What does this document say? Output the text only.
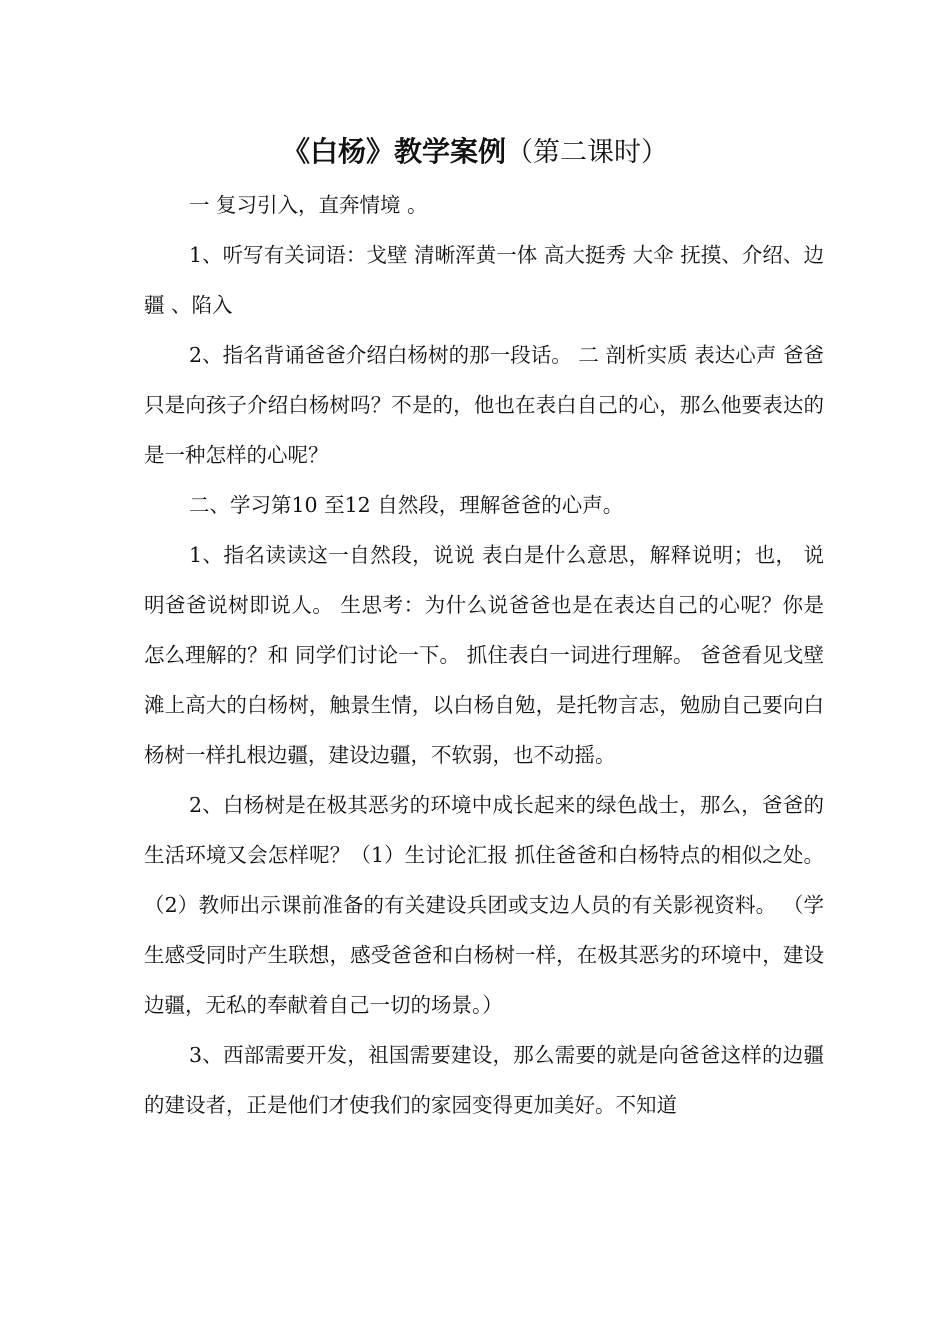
《白杨》教学案例（第二课时）

一 复习引入，直奔情境 。

1、听写有关词语：戈壁 清晰浑黄一体 高大挺秀 大伞 抚摸、介绍、边疆 、陷入

2、指名背诵爸爸介绍白杨树的那一段话。 二 剖析实质 表达心声 爸爸只是向孩子介绍白杨树吗？不是的，他也在表白自己的心，那么他要表达的是一种怎样的心呢？

二、学习第10 至12 自然段，理解爸爸的心声。

1、指名读读这一自然段，说说 表白是什么意思，解释说明；也， 说明爸爸说树即说人。 生思考：为什么说爸爸也是在表达自己的心呢？你是怎么理解的？和 同学们讨论一下。 抓住表白一词进行理解。 爸爸看见戈壁滩上高大的白杨树，触景生情，以白杨自勉，是托物言志，勉励自己要向白杨树一样扎根边疆，建设边疆，不软弱，也不动摇。

2、白杨树是在极其恶劣的环境中成长起来的绿色战士，那么，爸爸的生活环境又会怎样呢？（1）生讨论汇报 抓住爸爸和白杨特点的相似之处。（2）教师出示课前准备的有关建设兵团或支边人员的有关影视资料。 （学生感受同时产生联想，感受爸爸和白杨树一样，在极其恶劣的环境中，建设边疆，无私的奉献着自己一切的场景。）

3、西部需要开发，祖国需要建设，那么需要的就是向爸爸这样的边疆的建设者，正是他们才使我们的家园变得更加美好。不知道
